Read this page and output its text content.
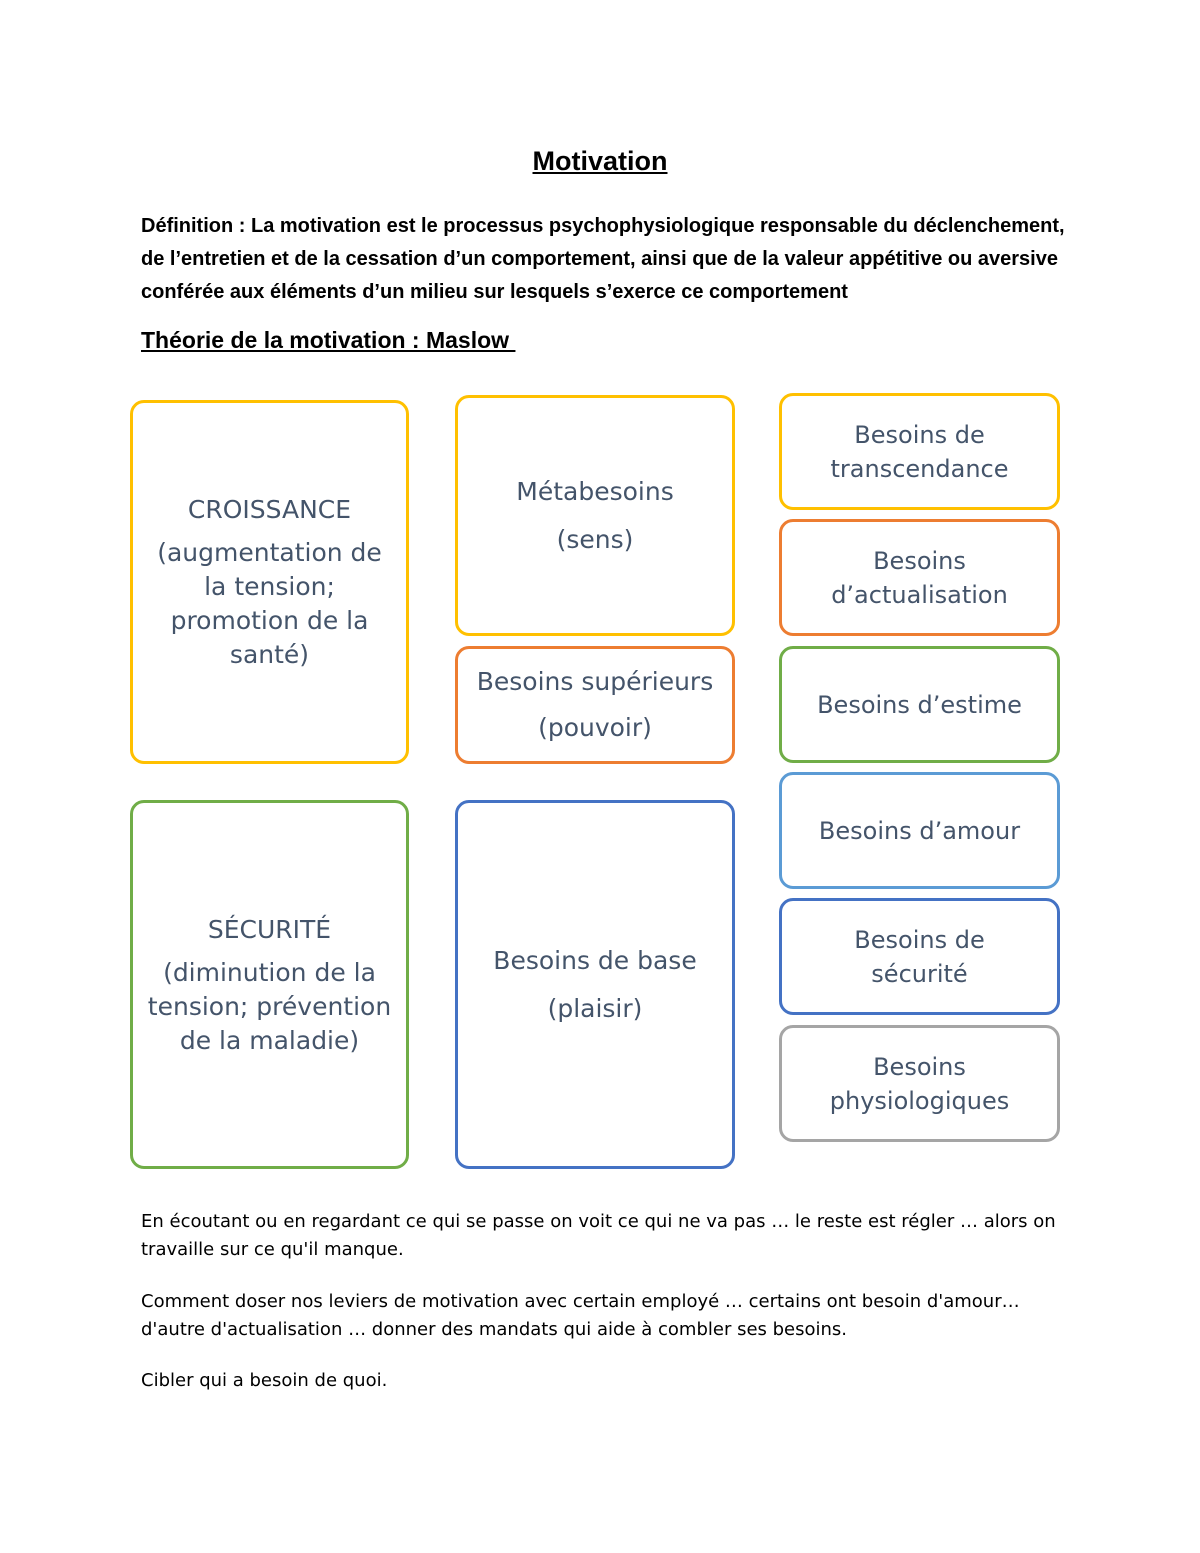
Motivation
Définition : La motivation est le processus psychophysiologique responsable du déclenchement, de l’entretien et de la cessation d’un comportement, ainsi que de la valeur appétitive ou aversive conférée aux éléments d’un milieu sur lesquels s’exerce ce comportement
Théorie de la motivation : Maslow
CROISSANCE
(augmentation de la tension; promotion de la santé)
SÉCURITÉ
(diminution de la tension; prévention de la maladie)
Métabesoins
(sens)
Besoins supérieurs
(pouvoir)
Besoins de base
(plaisir)
Besoins de transcendance
Besoins d’actualisation
Besoins d’estime
Besoins d’amour
Besoins de sécurité
Besoins physiologiques
En écoutant ou en regardant ce qui se passe on voit ce qui ne va pas … le reste est régler … alors on travaille sur ce qu'il manque.
Comment doser nos leviers de motivation avec certain employé … certains ont besoin d'amour… d'autre d'actualisation … donner des mandats qui aide à combler ses besoins.
Cibler qui a besoin de quoi.
